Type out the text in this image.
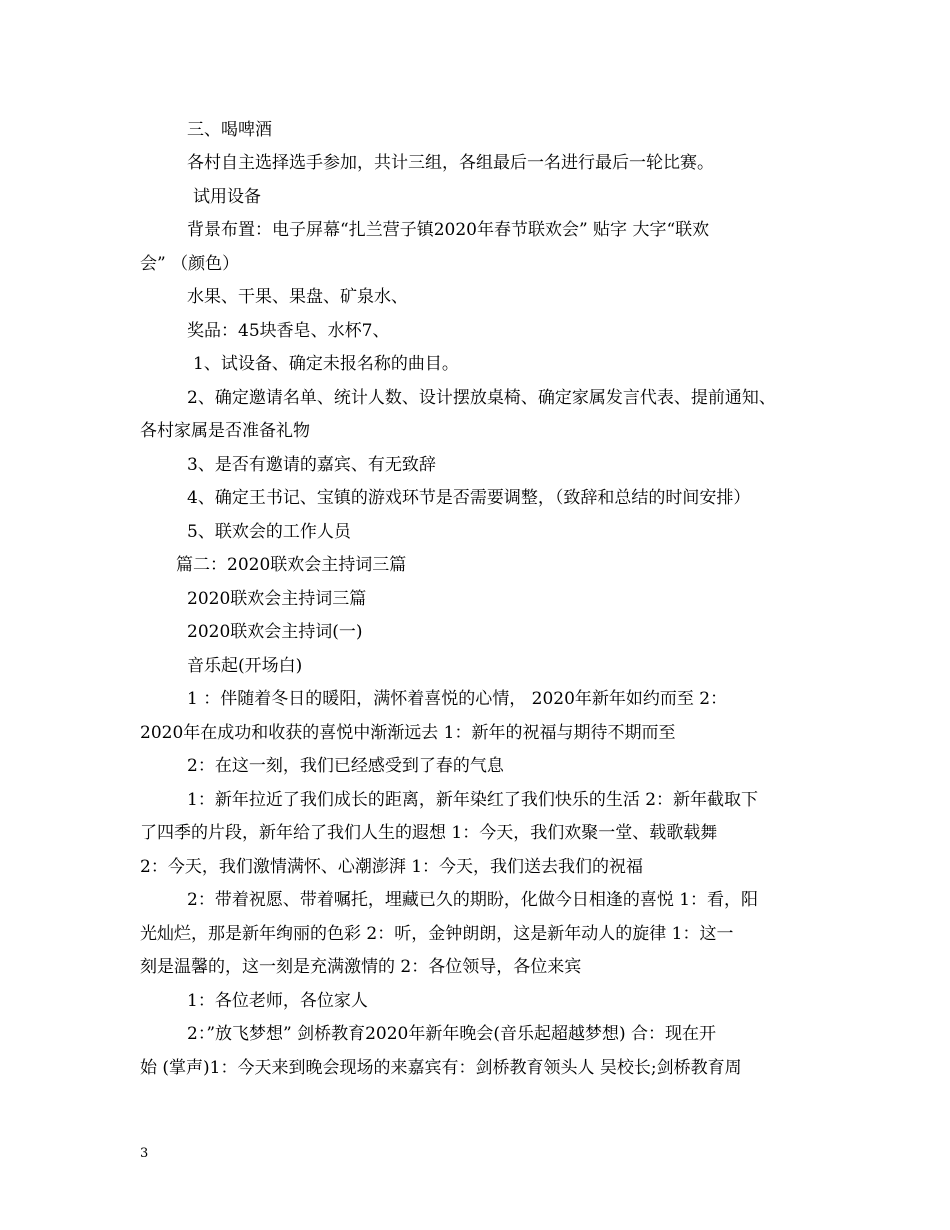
三、喝啤酒
各村自主选择选手参加，共计三组，各组最后一名进行最后一轮比赛。
试用设备
背景布置：电子屏幕“扎兰营子镇2020年春节联欢会” 贴字 大字“联欢
会” （颜色）
水果、干果、果盘、矿泉水、
奖品：45块香皂、水杯7、
1、试设备、确定未报名称的曲目。
2、确定邀请名单、统计人数、设计摆放桌椅、确定家属发言代表、提前通知、
各村家属是否准备礼物
3、是否有邀请的嘉宾、有无致辞
4、确定王书记、宝镇的游戏环节是否需要调整，（致辞和总结的时间安排）
5、联欢会的工作人员
篇二：2020联欢会主持词三篇
2020联欢会主持词三篇
2020联欢会主持词(一)
音乐起(开场白)
1 ：伴随着冬日的暖阳，满怀着喜悦的心情， 2020年新年如约而至 2：
2020年在成功和收获的喜悦中渐渐远去 1：新年的祝福与期待不期而至
2：在这一刻，我们已经感受到了春的气息
1：新年拉近了我们成长的距离，新年染红了我们快乐的生活 2：新年截取下
了四季的片段，新年给了我们人生的遐想 1：今天，我们欢聚一堂、载歌载舞
2：今天，我们激情满怀、心潮澎湃 1：今天，我们送去我们的祝福
2：带着祝愿、带着嘱托，埋藏已久的期盼，化做今日相逢的喜悦 1：看，阳
光灿烂，那是新年绚丽的色彩 2：听，金钟朗朗，这是新年动人的旋律 1：这一
刻是温馨的，这一刻是充满激情的 2：各位领导，各位来宾
1：各位老师，各位家人
2：”放飞梦想” 剑桥教育2020年新年晚会(音乐起超越梦想) 合：现在开
始 (掌声)1：今天来到晚会现场的来嘉宾有：剑桥教育领头人 吴校长;剑桥教育周
3
